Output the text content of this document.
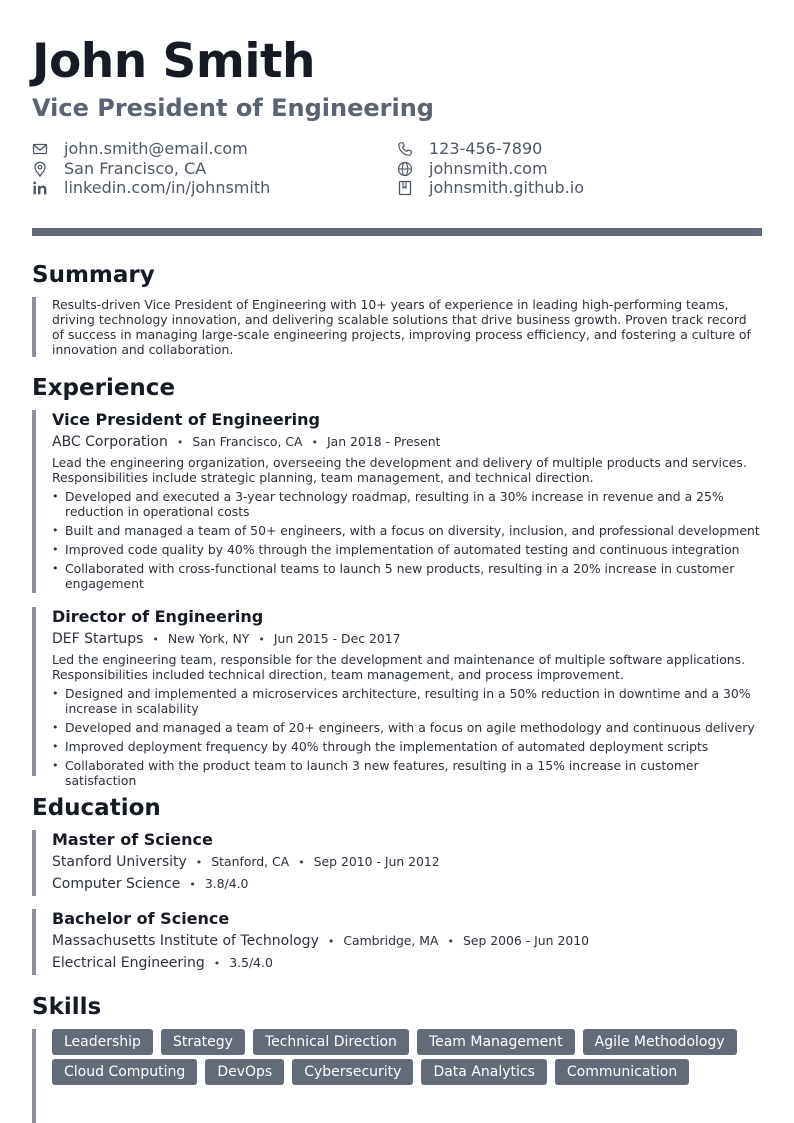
John Smith
Vice President of Engineering
john.smith@email.com	123-456-7890
San Francisco, CA	johnsmith.com
linkedin.com/in/johnsmith	johnsmith.github.io
Summary

Results-driven Vice President of Engineering with 10+ years of experience in leading high-performing teams, driving technology innovation, and delivering scalable solutions that drive business growth. Proven track record of success in managing large-scale engineering projects, improving process efficiency, and fostering a culture of innovation and collaboration.

Experience
Vice President of Engineering
ABC Corporation • San Francisco, CA • Jan 2018 - Present

Lead the engineering organization, overseeing the development and delivery of multiple products and services. Responsibilities include strategic planning, team management, and technical direction.

• Developed and executed a 3-year technology roadmap, resulting in a 30% increase in revenue and a 25% reduction in operational costs
• Built and managed a team of 50+ engineers, with a focus on diversity, inclusion, and professional development
• Improved code quality by 40% through the implementation of automated testing and continuous integration
• Collaborated with cross-functional teams to launch 5 new products, resulting in a 20% increase in customer engagement
Director of Engineering
DEF Startups • New York, NY • Jun 2015 - Dec 2017

Led the engineering team, responsible for the development and maintenance of multiple software applications. Responsibilities included technical direction, team management, and process improvement.

• Designed and implemented a microservices architecture, resulting in a 50% reduction in downtime and a 30% increase in scalability
• Developed and managed a team of 20+ engineers, with a focus on agile methodology and continuous delivery
• Improved deployment frequency by 40% through the implementation of automated deployment scripts
• Collaborated with the product team to launch 3 new features, resulting in a 15% increase in customer satisfaction
Education
Master of Science
Stanford University • Stanford, CA • Sep 2010 - Jun 2012
Computer Science • 3.8/4.0
Bachelor of Science
Massachusetts Institute of Technology • Cambridge, MA • Sep 2006 - Jun 2010
Electrical Engineering • 3.5/4.0
Skills
Leadership	Strategy	Technical Direction	Team Management	Agile Methodology
Cloud Computing	DevOps	Cybersecurity	Data Analytics	Communication
